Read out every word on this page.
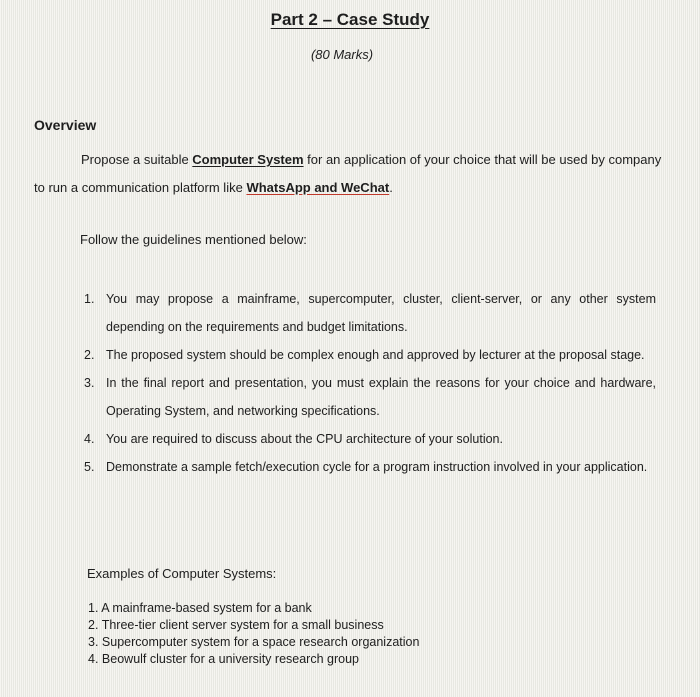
Part 2 – Case Study
(80 Marks)
Overview
Propose a suitable Computer System for an application of your choice that will be used by company to run a communication platform like WhatsApp and WeChat.
Follow the guidelines mentioned below:
1. You may propose a mainframe, supercomputer, cluster, client-server, or any other system depending on the requirements and budget limitations.
2. The proposed system should be complex enough and approved by lecturer at the proposal stage.
3. In the final report and presentation, you must explain the reasons for your choice and hardware, Operating System, and networking specifications.
4. You are required to discuss about the CPU architecture of your solution.
5. Demonstrate a sample fetch/execution cycle for a program instruction involved in your application.
Examples of Computer Systems:
1. A mainframe-based system for a bank
2. Three-tier client server system for a small business
3. Supercomputer system for a space research organization
4. Beowulf cluster for a university research group
